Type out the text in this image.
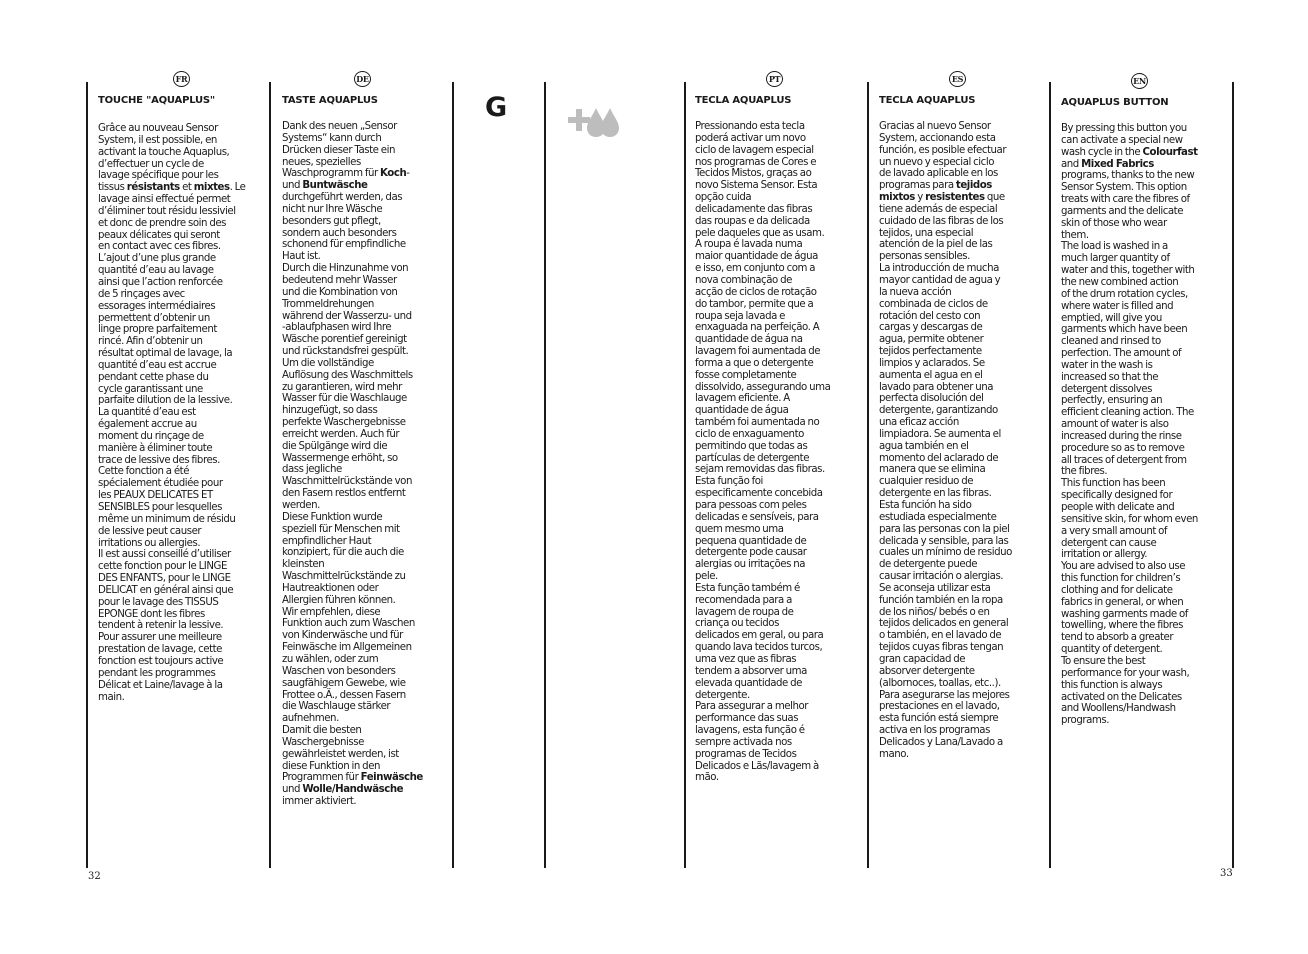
FR
TOUCHE "AQUAPLUS"

Grâce au nouveau Sensor

System, il est possible, en

activant la touche Aquaplus,

d’effectuer un cycle de

lavage spécifique pour les

tissus résistants et mixtes. Le

lavage ainsi effectué permet

d’éliminer tout résidu lessiviel

et donc de prendre soin des

peaux délicates qui seront

en contact avec ces fibres.

L’ajout d’une plus grande

quantité d’eau au lavage

ainsi que l’action renforcée

de 5 rinçages avec

essorages intermédiaires

permettent d’obtenir un

linge propre parfaitement

rincé. Afin d’obtenir un

résultat optimal de lavage, la

quantité d’eau est accrue

pendant cette phase du

cycle garantissant une

parfaite dilution de la lessive.

La quantité d’eau est

également accrue au

moment du rinçage de

manière à éliminer toute

trace de lessive des fibres.

Cette fonction a été

spécialement étudiée pour

les PEAUX DELICATES ET

SENSIBLES pour lesquelles

même un minimum de résidu

de lessive peut causer

irritations ou allergies.

Il est aussi conseillé d’utiliser

cette fonction pour le LINGE

DES ENFANTS, pour le LINGE

DELICAT en général ainsi que

pour le lavage des TISSUS

EPONGE dont les fibres

tendent à retenir la lessive.

Pour assurer une meilleure

prestation de lavage, cette

fonction est toujours active

pendant les programmes

Délicat et Laine/lavage à la

main.

DE
TASTE AQUAPLUS

Dank des neuen „Sensor

Systems“ kann durch

Drücken dieser Taste ein

neues, spezielles

Waschprogramm für Koch-

und Buntwäsche

durchgeführt werden, das

nicht nur Ihre Wäsche

besonders gut pflegt,

sondern auch besonders

schonend für empfindliche

Haut ist.

Durch die Hinzunahme von

bedeutend mehr Wasser

und die Kombination von

Trommeldrehungen

während der Wasserzu- und

-ablaufphasen wird Ihre

Wäsche porentief gereinigt

und rückstandsfrei gespült.

Um die vollständige

Auflösung des Waschmittels

zu garantieren, wird mehr

Wasser für die Waschlauge

hinzugefügt, so dass

perfekte Waschergebnisse

erreicht werden. Auch für

die Spülgänge wird die

Wassermenge erhöht, so

dass jegliche

Waschmittelrückstände von

den Fasern restlos entfernt

werden.

Diese Funktion wurde

speziell für Menschen mit

empfindlicher Haut

konzipiert, für die auch die

kleinsten

Waschmittelrückstände zu

Hautreaktionen oder

Allergien führen können.

Wir empfehlen, diese

Funktion auch zum Waschen

von Kinderwäsche und für

Feinwäsche im Allgemeinen

zu wählen, oder zum

Waschen von besonders

saugfähigem Gewebe, wie

Frottee o.Ä., dessen Fasern

die Waschlauge stärker

aufnehmen.

Damit die besten

Waschergebnisse

gewährleistet werden, ist

diese Funktion in den

Programmen für Feinwäsche

und Wolle/Handwäsche

immer aktiviert.

G
PT
TECLA AQUAPLUS

Pressionando esta tecla

poderá activar um novo

ciclo de lavagem especial

nos programas de Cores e

Tecidos Mistos, graças ao

novo Sistema Sensor. Esta

opção cuida

delicadamente das fibras

das roupas e da delicada

pele daqueles que as usam.

A roupa é lavada numa

maior quantidade de água

e isso, em conjunto com a

nova combinação de

acção de ciclos de rotação

do tambor, permite que a

roupa seja lavada e

enxaguada na perfeição. A

quantidade de água na

lavagem foi aumentada de

forma a que o detergente

fosse completamente

dissolvido, assegurando uma

lavagem eficiente. A

quantidade de água

também foi aumentada no

ciclo de enxaguamento

permitindo que todas as

partículas de detergente

sejam removidas das fibras.

Esta função foi

especificamente concebida

para pessoas com peles

delicadas e sensíveis, para

quem mesmo uma

pequena quantidade de

detergente pode causar

alergias ou irritações na

pele.

Esta função também é

recomendada para a

lavagem de roupa de

criança ou tecidos

delicados em geral, ou para

quando lava tecidos turcos,

uma vez que as fibras

tendem a absorver uma

elevada quantidade de

detergente.

Para assegurar a melhor

performance das suas

lavagens, esta função é

sempre activada nos

programas de Tecidos

Delicados e Lãs/lavagem à

mão.

ES
TECLA AQUAPLUS

Gracias al nuevo Sensor

System, accionando esta

función, es posible efectuar

un nuevo y especial ciclo

de lavado aplicable en los

programas para tejidos

mixtos y resistentes que

tiene además de especial

cuidado de las fibras de los

tejidos, una especial

atención de la piel de las

personas sensibles.

La introducción de mucha

mayor cantidad de agua y

la nueva acción

combinada de ciclos de

rotación del cesto con

cargas y descargas de

agua, permite obtener

tejidos perfectamente

limpios y aclarados. Se

aumenta el agua en el

lavado para obtener una

perfecta disolución del

detergente, garantizando

una eficaz acción

limpiadora. Se aumenta el

agua también en el

momento del aclarado de

manera que se elimina

cualquier residuo de

detergente en las fibras.

Esta función ha sido

estudiada especialmente

para las personas con la piel

delicada y sensible, para las

cuales un mínimo de residuo

de detergente puede

causar irritación o alergias.

Se aconseja utilizar esta

función también en la ropa

de los niños/ bebés o en

tejidos delicados en general

o también, en el lavado de

tejidos cuyas fibras tengan

gran capacidad de

absorver detergente

(albornoces, toallas, etc..).

Para asegurarse las mejores

prestaciones en el lavado,

esta función está siempre

activa en los programas

Delicados y Lana/Lavado a

mano.

EN
AQUAPLUS BUTTON

By pressing this button you

can activate a special new

wash cycle in the Colourfast

and Mixed Fabrics

programs, thanks to the new

Sensor System. This option

treats with care the fibres of

garments and the delicate

skin of those who wear

them.

The load is washed in a

much larger quantity of

water and this, together with

the new combined action

of the drum rotation cycles,

where water is filled and

emptied, will give you

garments which have been

cleaned and rinsed to

perfection. The amount of

water in the wash is

increased so that the

detergent dissolves

perfectly, ensuring an

efficient cleaning action. The

amount of water is also

increased during the rinse

procedure so as to remove

all traces of detergent from

the fibres.

This function has been

specifically designed for

people with delicate and

sensitive skin, for whom even

a very small amount of

detergent can cause

irritation or allergy.

You are advised to also use

this function for children’s

clothing and for delicate

fabrics in general, or when

washing garments made of

towelling, where the fibres

tend to absorb a greater

quantity of detergent.

To ensure the best

performance for your wash,

this function is always

activated on the Delicates

and Woollens/Handwash

programs.

32	33
